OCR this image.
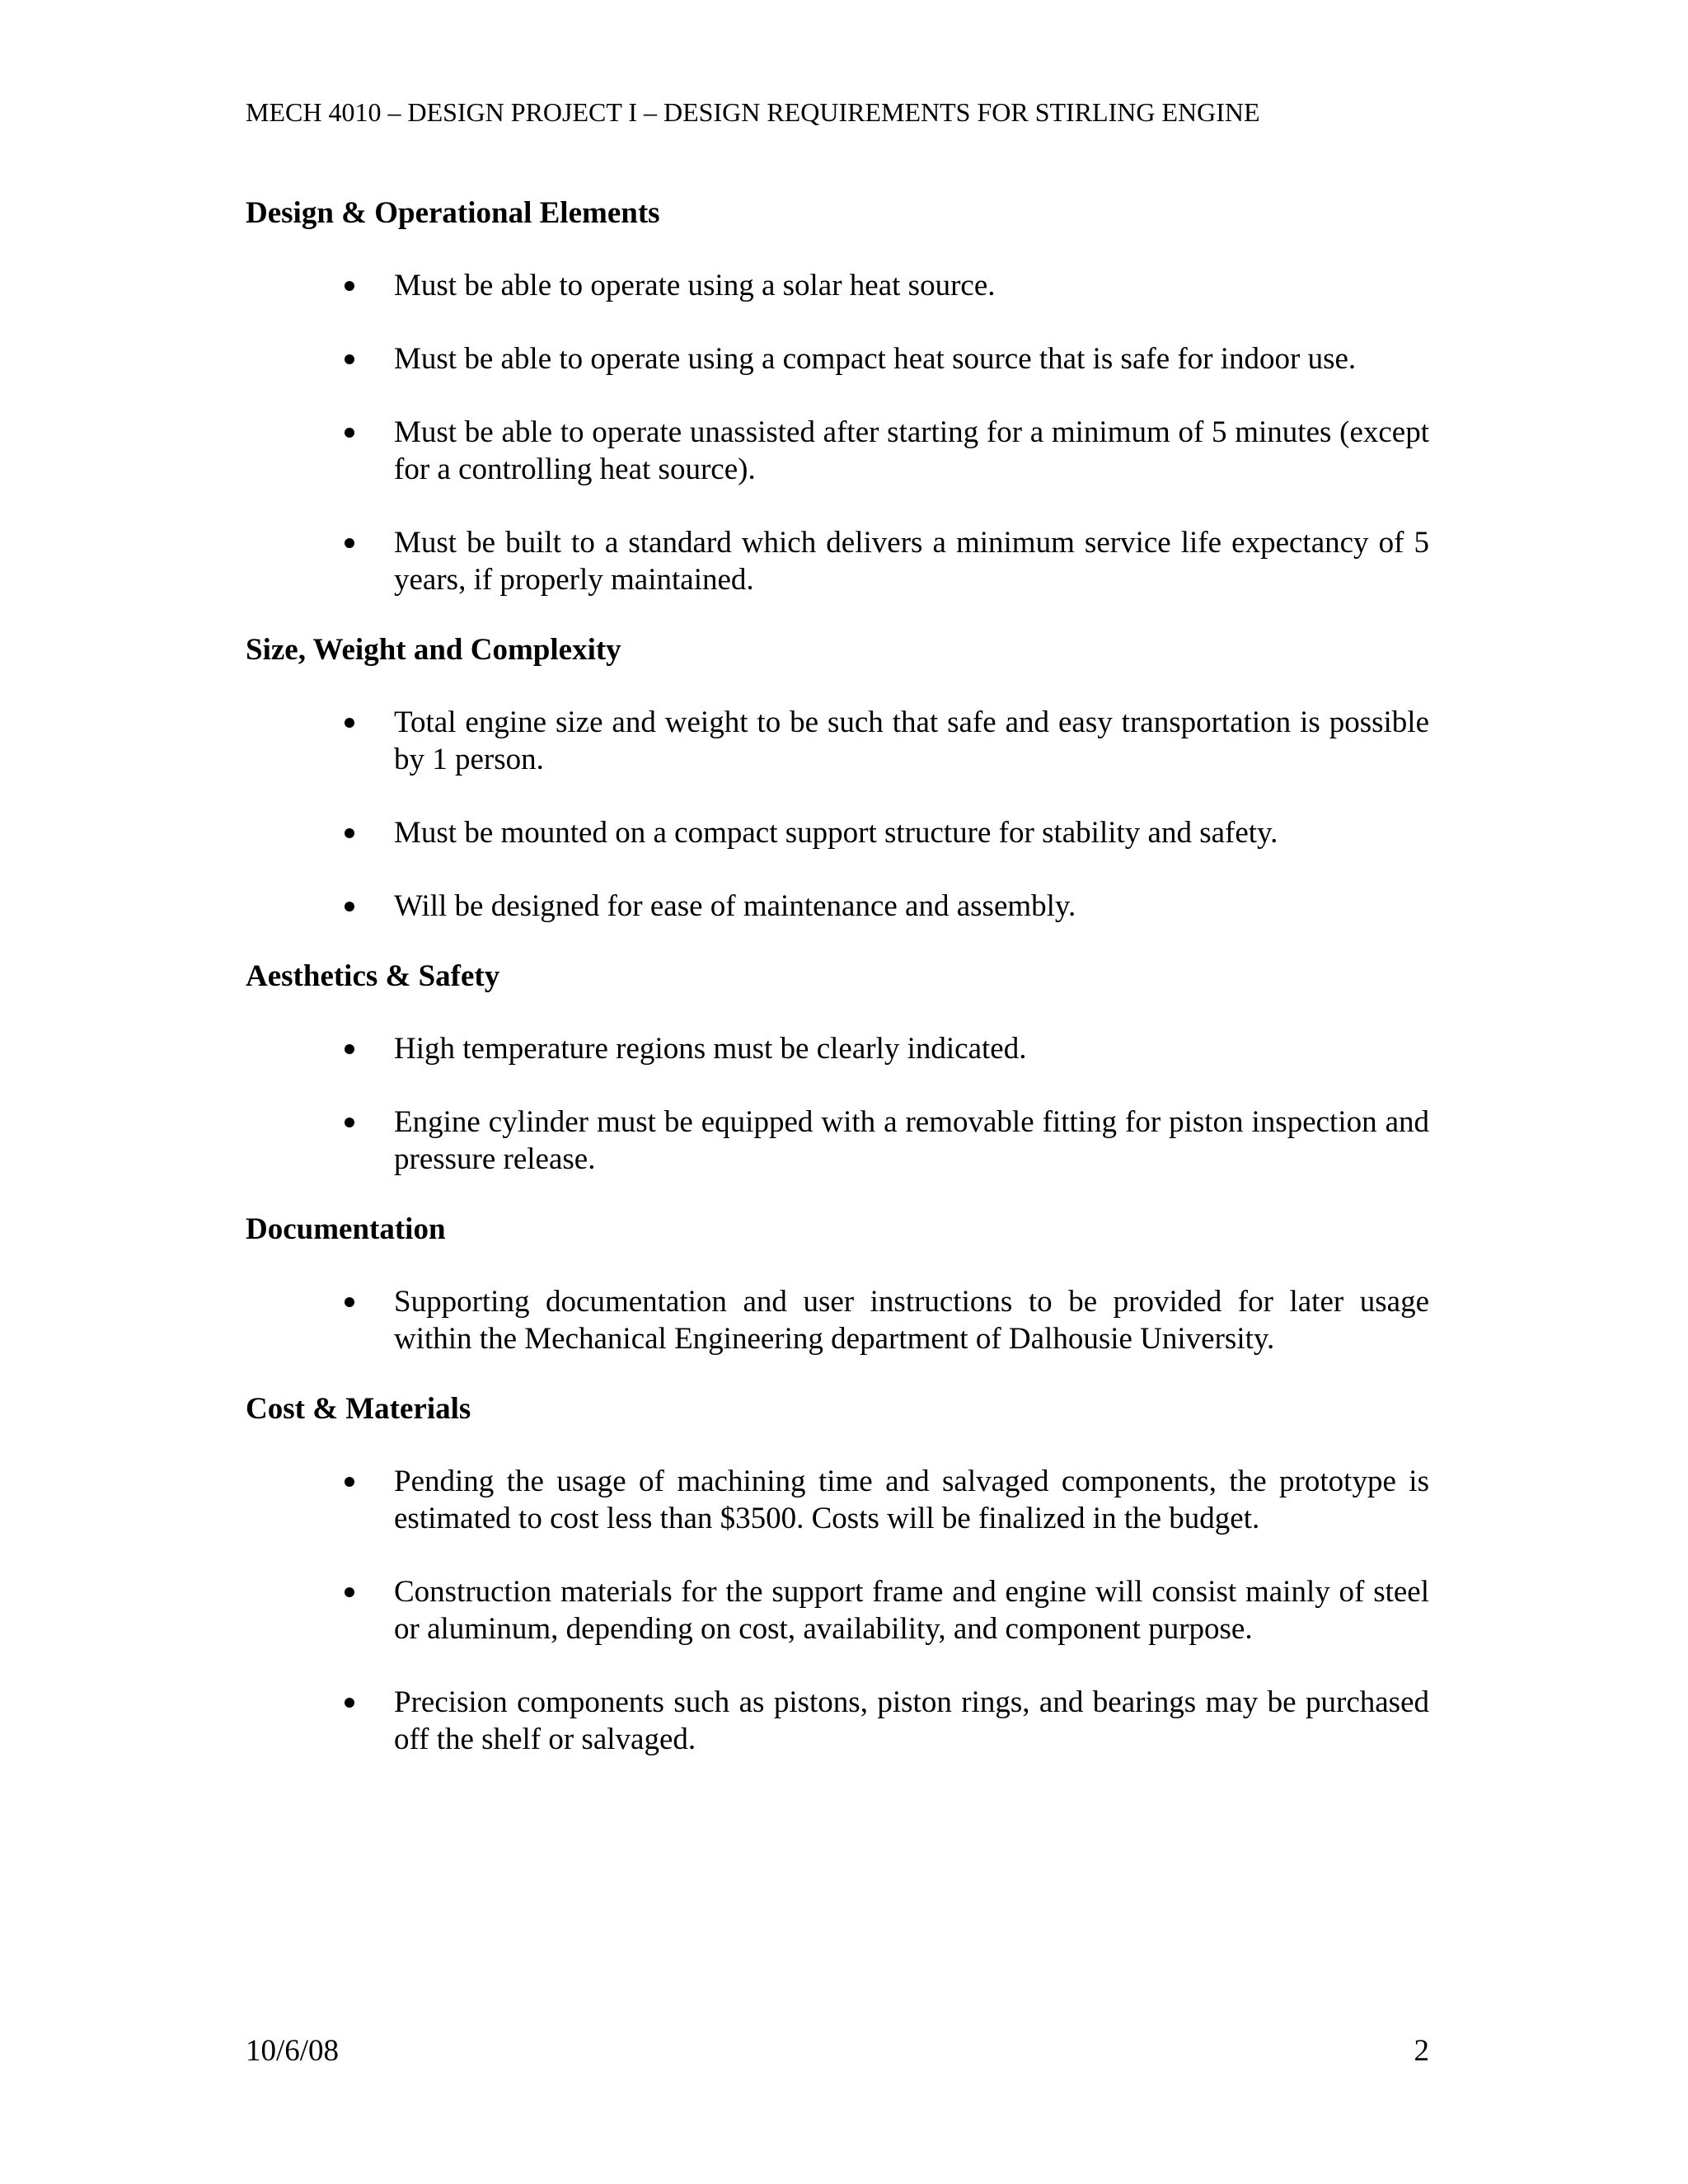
MECH 4010 – DESIGN PROJECT I – DESIGN REQUIREMENTS FOR STIRLING ENGINE
Design & Operational Elements
Must be able to operate using a solar heat source.
Must be able to operate using a compact heat source that is safe for indoor use.
Must be able to operate unassisted after starting for a minimum of 5 minutes (except for a controlling heat source).
Must be built to a standard which delivers a minimum service life expectancy of 5 years, if properly maintained.
Size, Weight and Complexity
Total engine size and weight to be such that safe and easy transportation is possible by 1 person.
Must be mounted on a compact support structure for stability and safety.
Will be designed for ease of maintenance and assembly.
Aesthetics & Safety
High temperature regions must be clearly indicated.
Engine cylinder must be equipped with a removable fitting for piston inspection and pressure release.
Documentation
Supporting documentation and user instructions to be provided for later usage within the Mechanical Engineering department of Dalhousie University.
Cost & Materials
Pending the usage of machining time and salvaged components, the prototype is estimated to cost less than $3500. Costs will be finalized in the budget.
Construction materials for the support frame and engine will consist mainly of steel or aluminum, depending on cost, availability, and component purpose.
Precision components such as pistons, piston rings, and bearings may be purchased off the shelf or salvaged.
10/6/08	2
